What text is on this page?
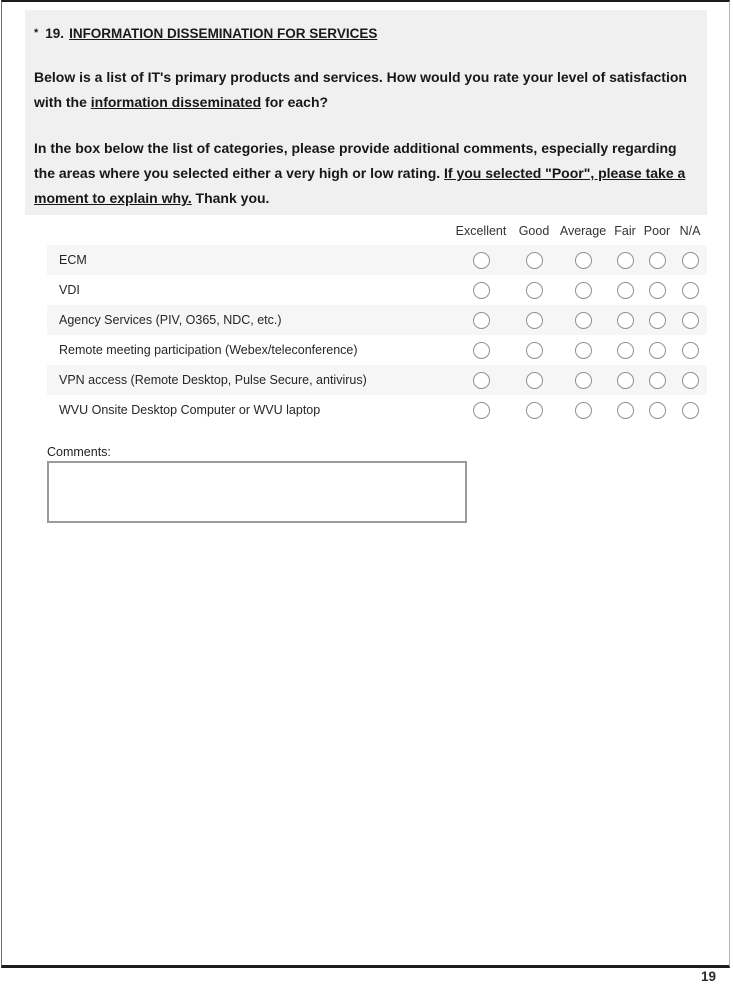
* 19. INFORMATION DISSEMINATION FOR SERVICES

Below is a list of IT's primary products and services. How would you rate your level of satisfaction with the information disseminated for each?

In the box below the list of categories, please provide additional comments, especially regarding the areas where you selected either a very high or low rating. If you selected "Poor", please take a moment to explain why. Thank you.

Excellent Good Average Fair Poor N/A
ECM
VDI
Agency Services (PIV, O365, NDC, etc.)
Remote meeting participation (Webex/teleconference)
VPN access (Remote Desktop, Pulse Secure, antivirus)
WVU Onsite Desktop Computer or WVU laptop
Comments:
19
